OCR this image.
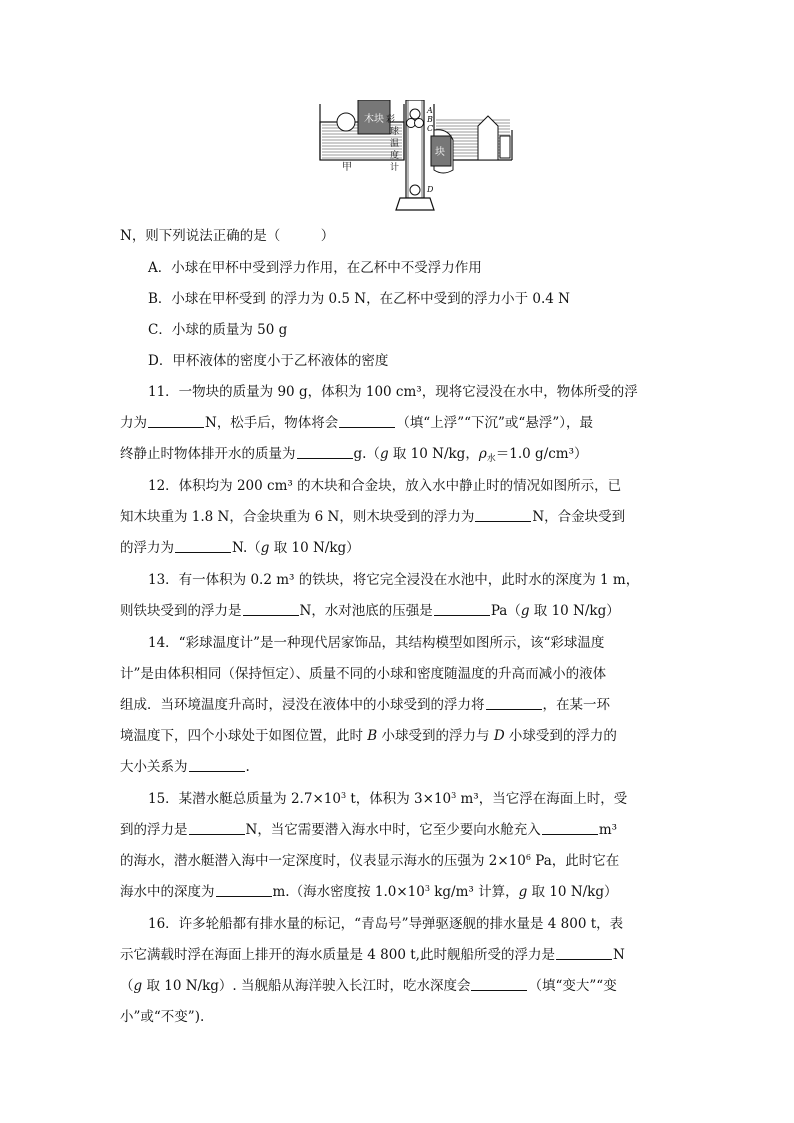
木块
甲
彩
球
温
度
计
A
B
C
D
块
N，则下列说法正确的是（　　　）
A．小球在甲杯中受到浮力作用，在乙杯中不受浮力作用
B．小球在甲杯受到 的浮力为 0.5 N，在乙杯中受到的浮力小于 0.4 N
C．小球的质量为 50 g
D．甲杯液体的密度小于乙杯液体的密度
11．一物块的质量为 90 g，体积为 100 cm³，现将它浸没在水中，物体所受的浮
力为	N，松手后，物体将会	（填“上浮”“下沉”或“悬浮”），最
终静止时物体排开水的质量为	g.（g 取 10 N/kg，$\rho_水=1.0$ g/cm³）
12．体积均为 200 cm³ 的木块和合金块，放入水中静止时的情况如图所示，已
知木块重为 1.8 N，合金块重为 6 N，则木块受到的浮力为	N，合金块受到
的浮力为	N.（g 取 10 N/kg）
13．有一体积为 0.2 m³ 的铁块，将它完全浸没在水池中，此时水的深度为 1 m，
则铁块受到的浮力是	N，水对池底的压强是	Pa（g 取 10 N/kg）
14．“彩球温度计”是一种现代居家饰品，其结构模型如图所示，该“彩球温度
计”是由体积相同（保持恒定）、质量不同的小球和密度随温度的升高而减小的液体
组成．当环境温度升高时，浸没在液体中的小球受到的浮力将	，在某一环
境温度下，四个小球处于如图位置，此时 B 小球受到的浮力与 D 小球受到的浮力的
大小关系为	.
15．某潜水艇总质量为 $2.7\times 10^3$ t，体积为 $3\times 10^3$ m³，当它浮在海面上时，受
到的浮力是	N，当它需要潜入海水中时，它至少要向水舱充入	m³
的海水，潜水艇潜入海中一定深度时，仪表显示海水的压强为 $2\times 10^6$ Pa，此时它在
海水中的深度为	m.（海水密度按 $1.0\times 10^3$ kg/m³ 计算，g 取 10 N/kg）
16．许多轮船都有排水量的标记，“青岛号”导弹驱逐舰的排水量是 4 800 t，表
示它满载时浮在海面上排开的海水质量是 4 800 t,此时舰船所受的浮力是	N
（g 取 10 N/kg）. 当舰船从海洋驶入长江时，吃水深度会	（填“变大”“变
小”或“不变”).
